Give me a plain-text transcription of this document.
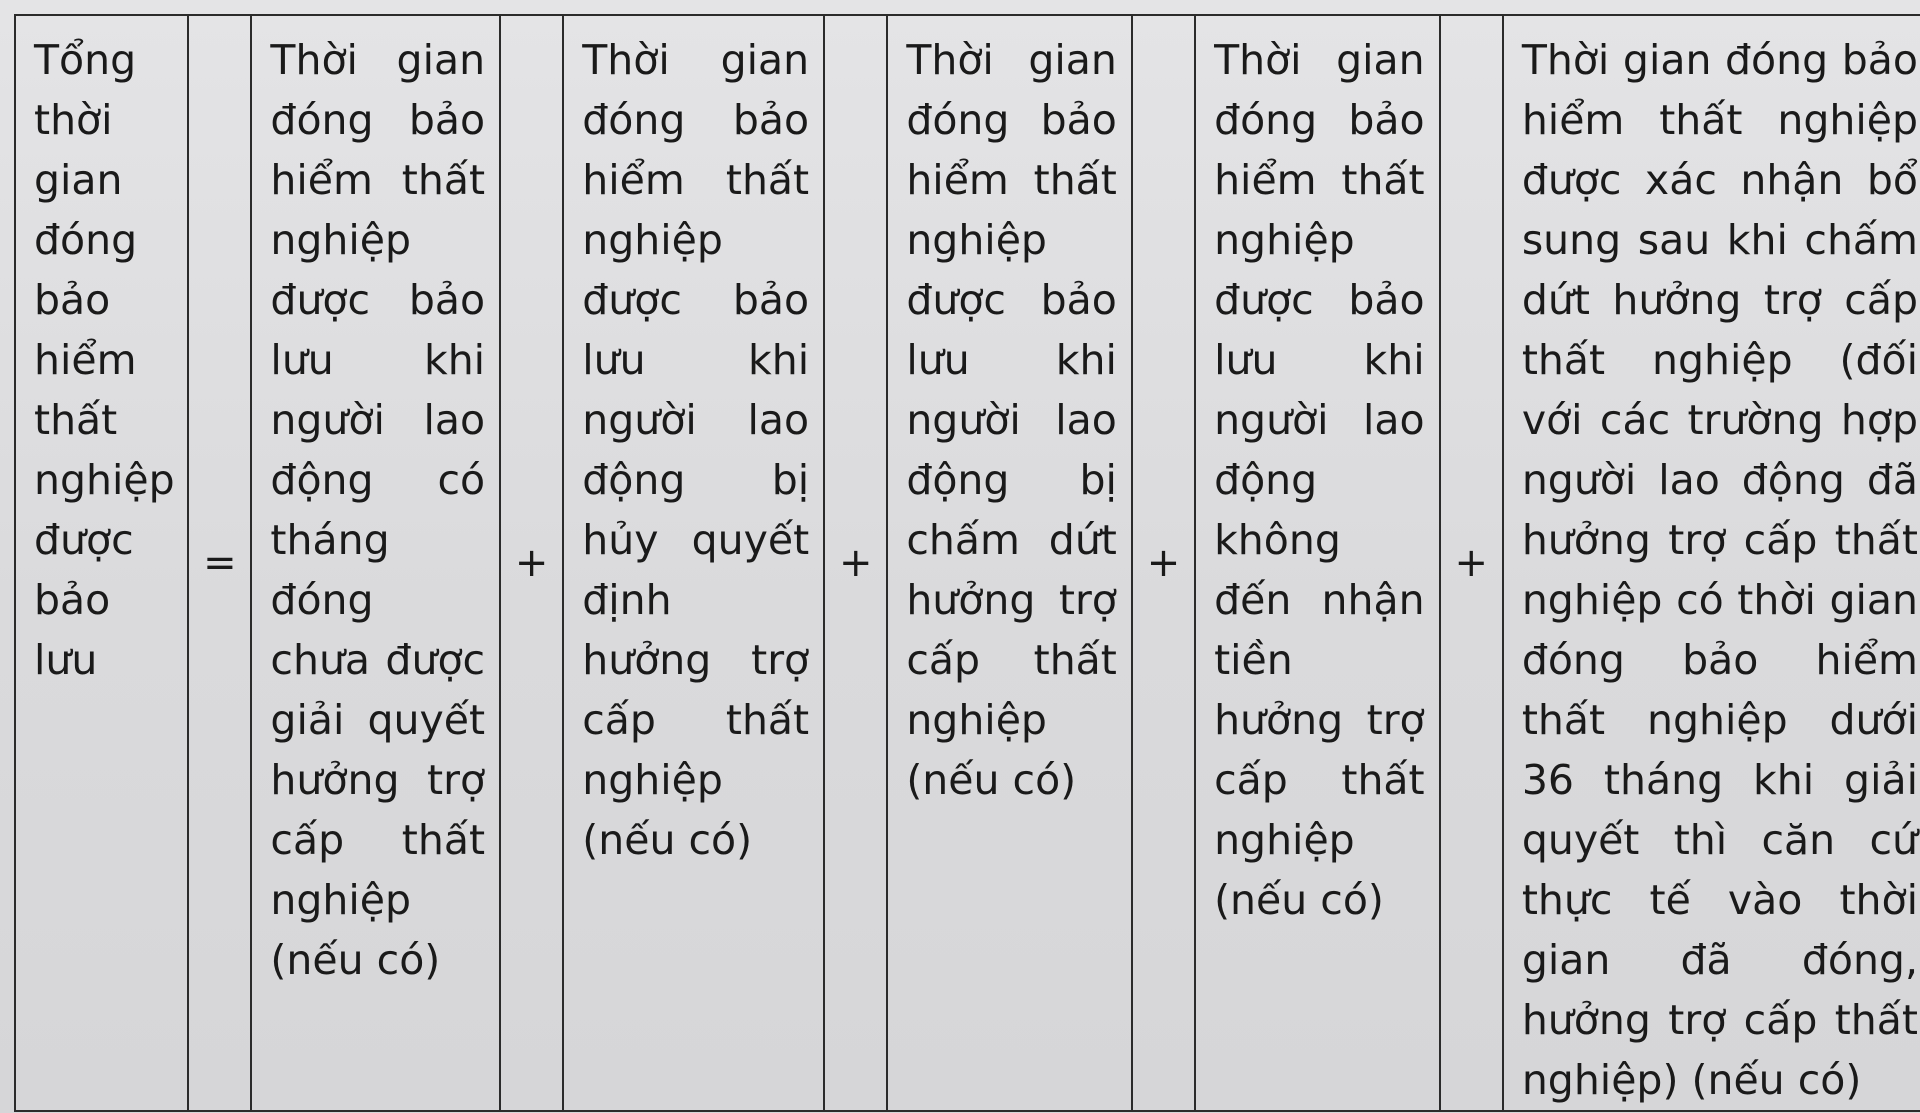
Tổng thời gian đóng bảo hiểm thất nghiệp được bảo lưu	=	Thời gian đóng bảo hiểm thất nghiệp được bảo lưu khi người lao động có tháng đóng chưa được giải quyết hưởng trợ cấp thất nghiệp (nếu có)	+	Thời gian đóng bảo hiểm thất nghiệp được bảo lưu khi người lao động bị hủy quyết định hưởng trợ cấp thất nghiệp (nếu có)	+	Thời gian đóng bảo hiểm thất nghiệp được bảo lưu khi người lao động bị chấm dứt hưởng trợ cấp thất nghiệp (nếu có)	+	Thời gian đóng bảo hiểm thất nghiệp được bảo lưu khi người lao động không đến nhận tiền hưởng trợ cấp thất nghiệp (nếu có)	+	Thời gian đóng bảo hiểm thất nghiệp được xác nhận bổ sung sau khi chấm dứt hưởng trợ cấp thất nghiệp (đối với các trường hợp người lao động đã hưởng trợ cấp thất nghiệp có thời gian đóng bảo hiểm thất nghiệp dưới 36 tháng khi giải quyết thì căn cứ thực tế vào thời gian đã đóng, hưởng trợ cấp thất nghiệp) (nếu có)
